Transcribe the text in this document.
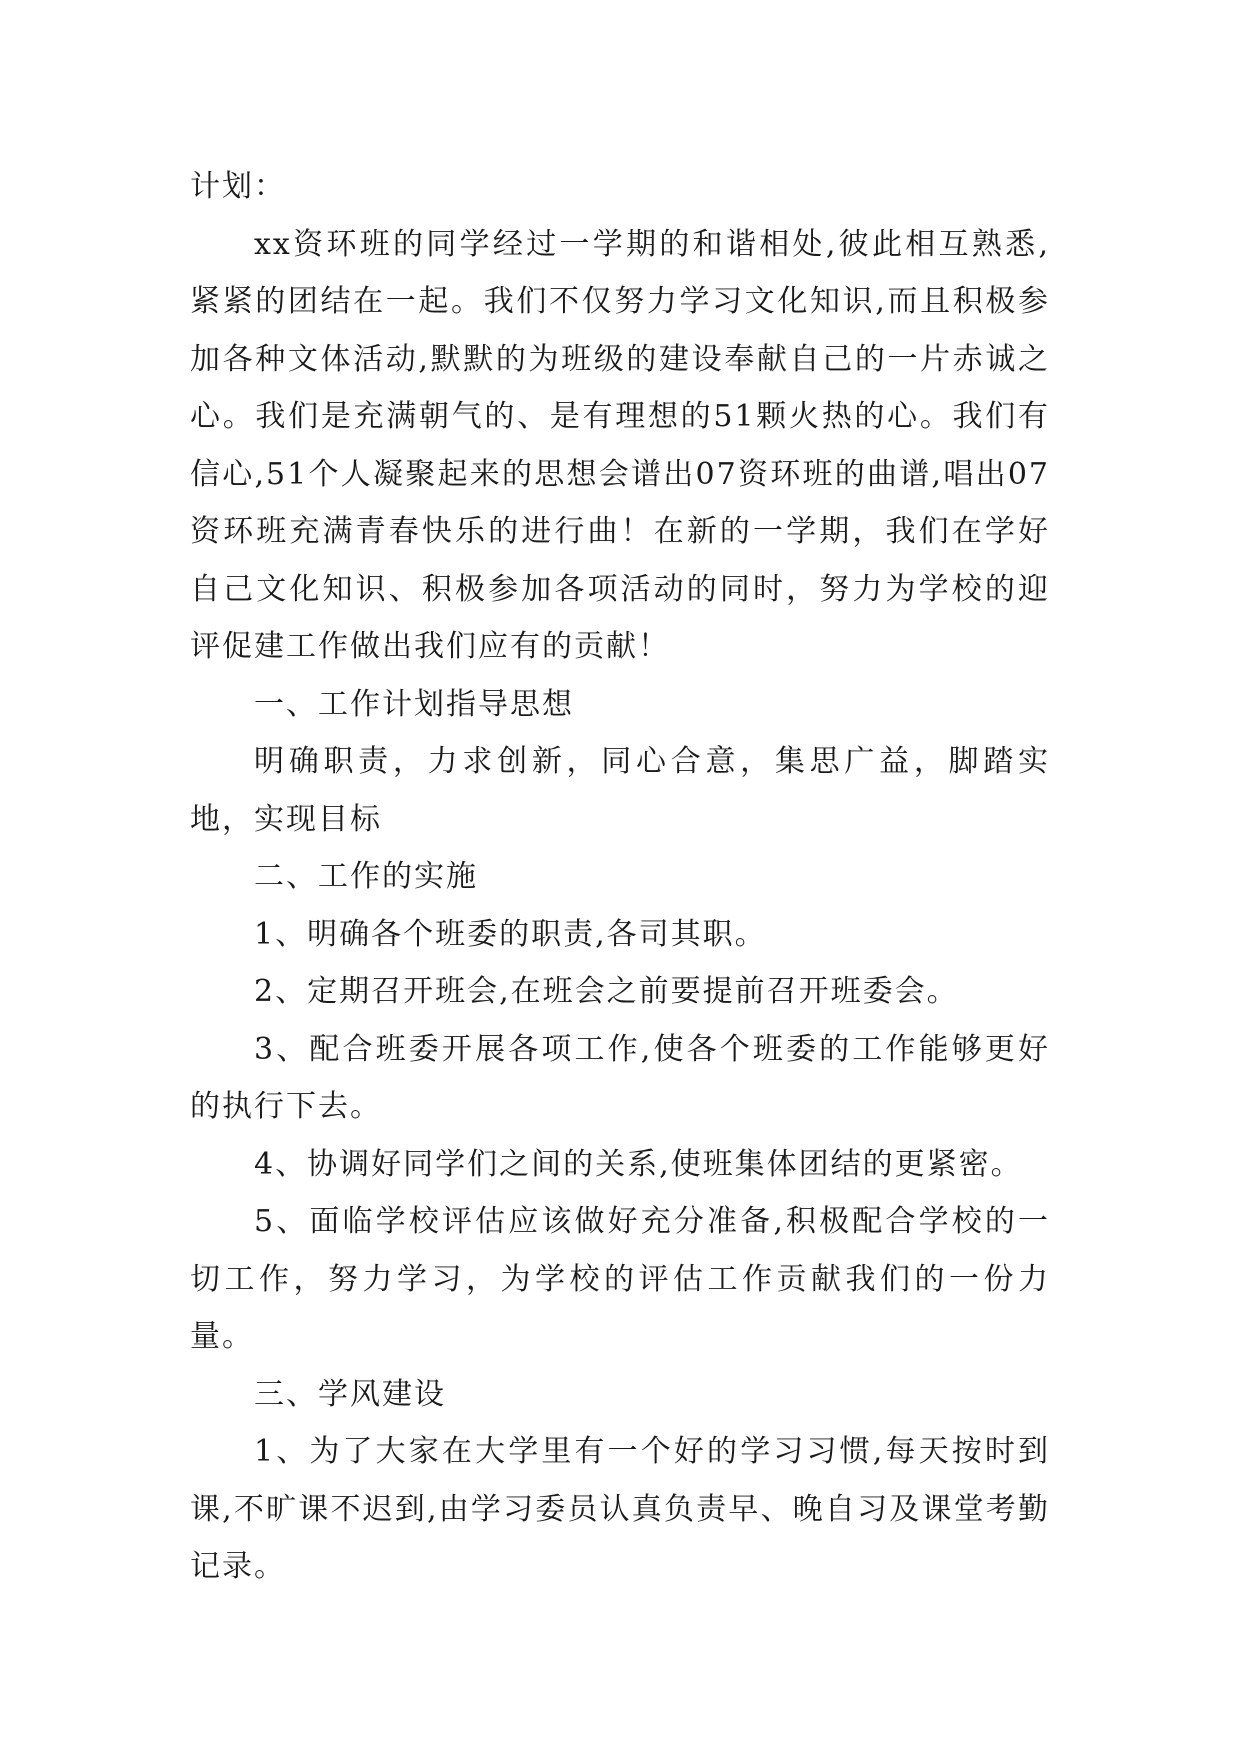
计划：

xx资环班的同学经过一学期的和谐相处,彼此相互熟悉,紧紧的团结在一起。我们不仅努力学习文化知识,而且积极参加各种文体活动,默默的为班级的建设奉献自己的一片赤诚之心。我们是充满朝气的、是有理想的51颗火热的心。我们有信心,51个人凝聚起来的思想会谱出07资环班的曲谱,唱出07资环班充满青春快乐的进行曲！在新的一学期，我们在学好自己文化知识、积极参加各项活动的同时，努力为学校的迎评促建工作做出我们应有的贡献！

一、工作计划指导思想

明确职责，力求创新，同心合意，集思广益，脚踏实地，实现目标

二、工作的实施

1、明确各个班委的职责,各司其职。

2、定期召开班会,在班会之前要提前召开班委会。

3、配合班委开展各项工作,使各个班委的工作能够更好的执行下去。

4、协调好同学们之间的关系,使班集体团结的更紧密。

5、面临学校评估应该做好充分准备,积极配合学校的一切工作，努力学习，为学校的评估工作贡献我们的一份力量。

三、学风建设

1、为了大家在大学里有一个好的学习习惯,每天按时到课,不旷课不迟到,由学习委员认真负责早、晚自习及课堂考勤记录。
